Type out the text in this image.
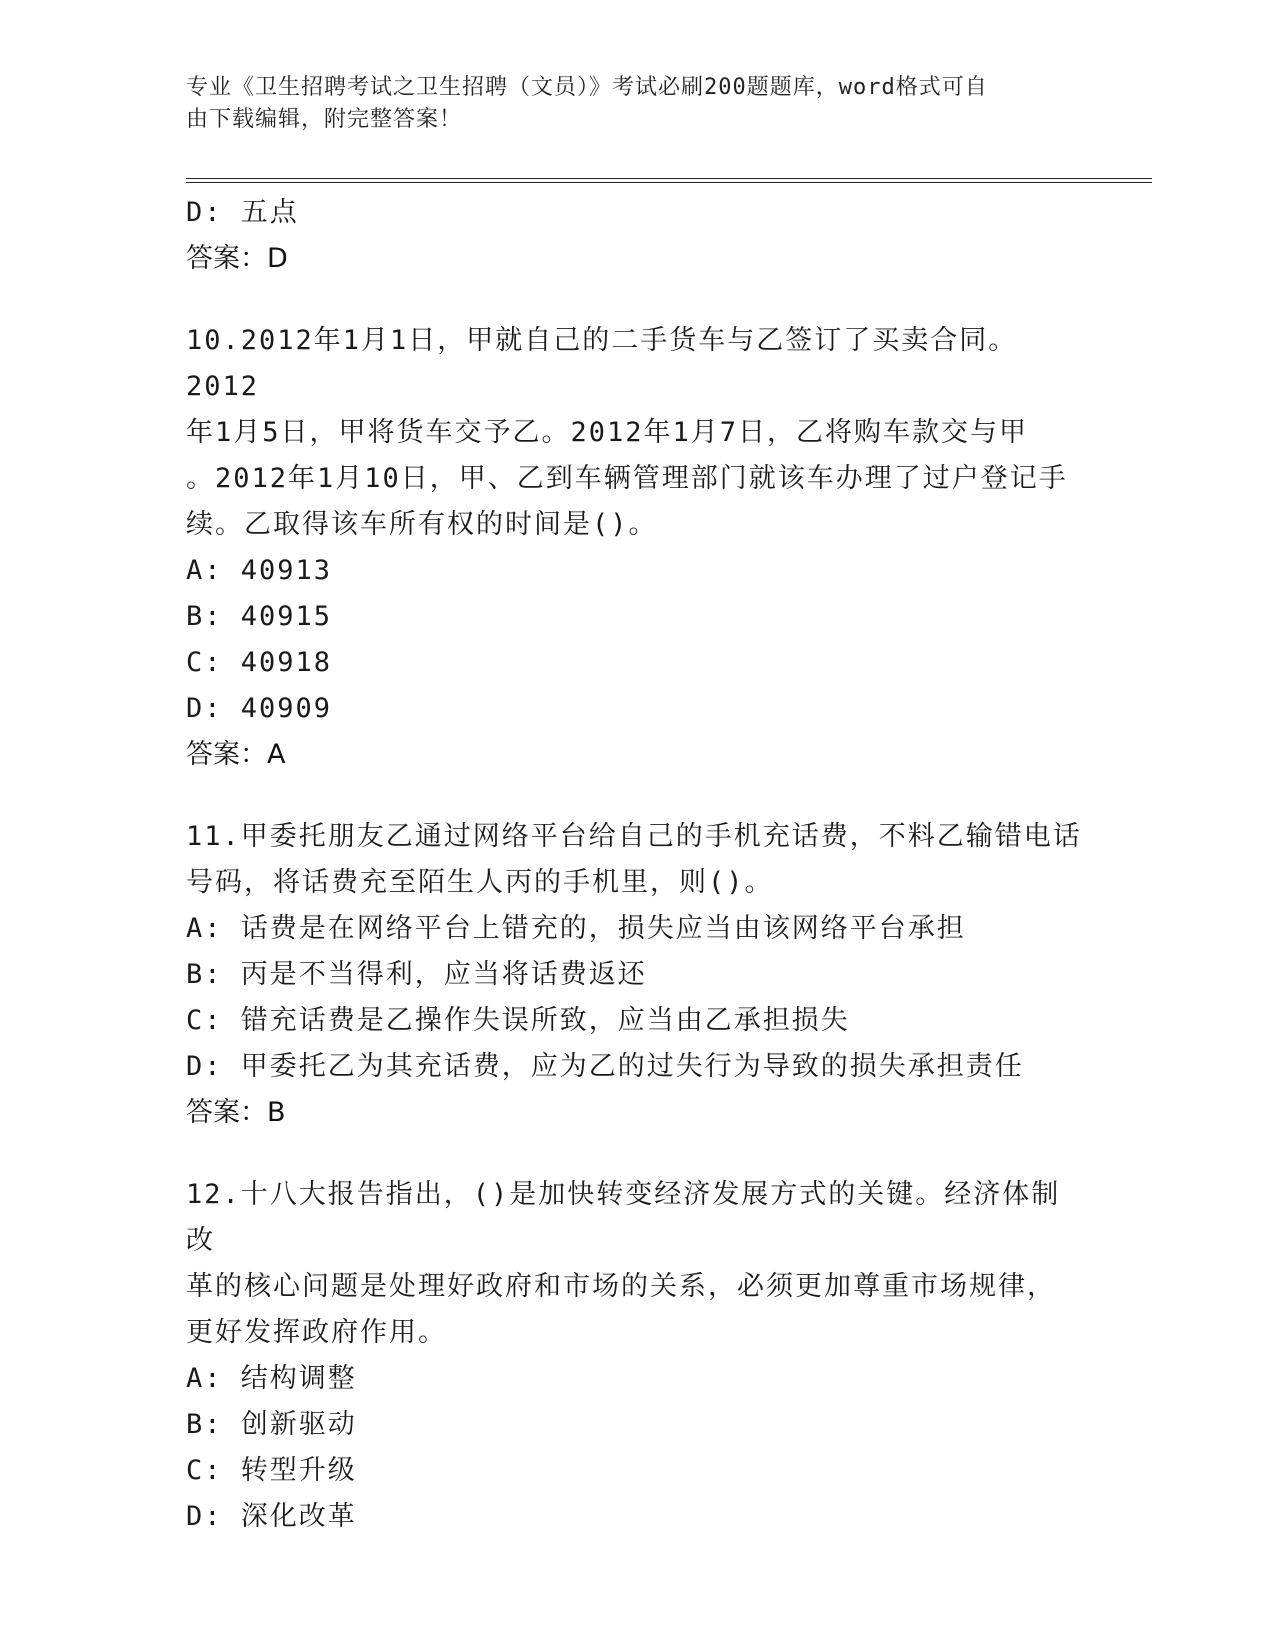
专业《卫生招聘考试之卫生招聘（文员）》考试必刷200题题库，word格式可自
由下载编辑，附完整答案！
D: 五点
答案：D
10.2012年1月1日，甲就自己的二手货车与乙签订了买卖合同。2012
年1月5日，甲将货车交予乙。2012年1月7日，乙将购车款交与甲
。2012年1月10日，甲、乙到车辆管理部门就该车办理了过户登记手
续。乙取得该车所有权的时间是()。
A: 40913
B: 40915
C: 40918
D: 40909
答案：A
11.甲委托朋友乙通过网络平台给自己的手机充话费，不料乙输错电话
号码，将话费充至陌生人丙的手机里，则()。
A: 话费是在网络平台上错充的，损失应当由该网络平台承担
B: 丙是不当得利，应当将话费返还
C: 错充话费是乙操作失误所致，应当由乙承担损失
D: 甲委托乙为其充话费，应为乙的过失行为导致的损失承担责任
答案：B
12.十八大报告指出，()是加快转变经济发展方式的关键。经济体制改
革的核心问题是处理好政府和市场的关系，必须更加尊重市场规律，
更好发挥政府作用。
A: 结构调整
B: 创新驱动
C: 转型升级
D: 深化改革
